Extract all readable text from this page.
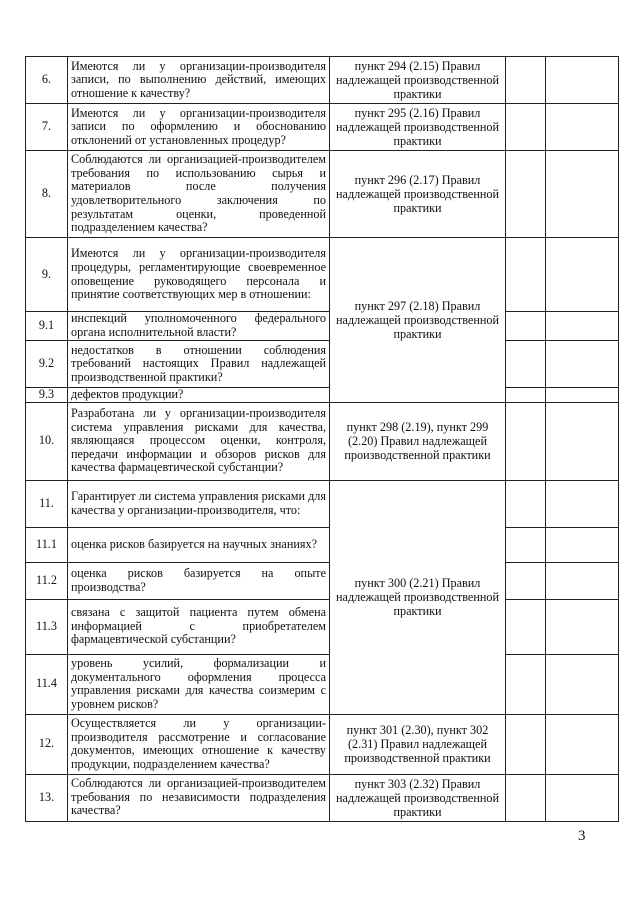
6.	Имеются ли у организации-производителя записи, по выполнению действий, имеющих отношение к качеству?	пункт 294 (2.15) Правил надлежащей производственной практики		
7.	Имеются ли у организации-производителя записи по оформлению и обоснованию отклонений от установленных процедур?	пункт 295 (2.16) Правил надлежащей производственной практики		
8.	Соблюдаются ли организацией-производителем требования по использованию сырья и материалов после получения удовлетворительного заключения по результатам оценки, проведенной подразделением качества?	пункт 296 (2.17) Правил надлежащей производственной практики		
9.	Имеются ли у организации-производителя процедуры, регламентирующие своевременное оповещение руководящего персонала и принятие соответствующих мер в отношении:	пункт 297 (2.18) Правил надлежащей производственной практики		
9.1	инспекций уполномоченного федерального органа исполнительной власти?			
9.2	недостатков в отношении соблюдения требований настоящих Правил надлежащей производственной практики?			
9.3	дефектов продукции?			
10.	Разработана ли у организации-производителя система управления рисками для качества, являющаяся процессом оценки, контроля, передачи информации и обзоров рисков для качества фармацевтической субстанции?	пункт 298 (2.19), пункт 299 (2.20) Правил надлежащей производственной практики		
11.	Гарантирует ли система управления рисками для качества у организации-производителя, что:	пункт 300 (2.21) Правил надлежащей производственной практики		
11.1	оценка рисков базируется на научных знаниях?			
11.2	оценка рисков базируется на опыте производства?			
11.3	связана с защитой пациента путем обмена информацией с приобретателем фармацевтической субстанции?			
11.4	уровень усилий, формализации и документального оформления процесса управления рисками для качества соизмерим с уровнем рисков?			
12.	Осуществляется ли у организации-производителя рассмотрение и согласование документов, имеющих отношение к качеству продукции, подразделением качества?	пункт 301 (2.30), пункт 302 (2.31) Правил надлежащей производственной практики		
13.	Соблюдаются ли организацией-производителем требования по независимости подразделения качества?	пункт 303 (2.32) Правил надлежащей производственной практики		
3
